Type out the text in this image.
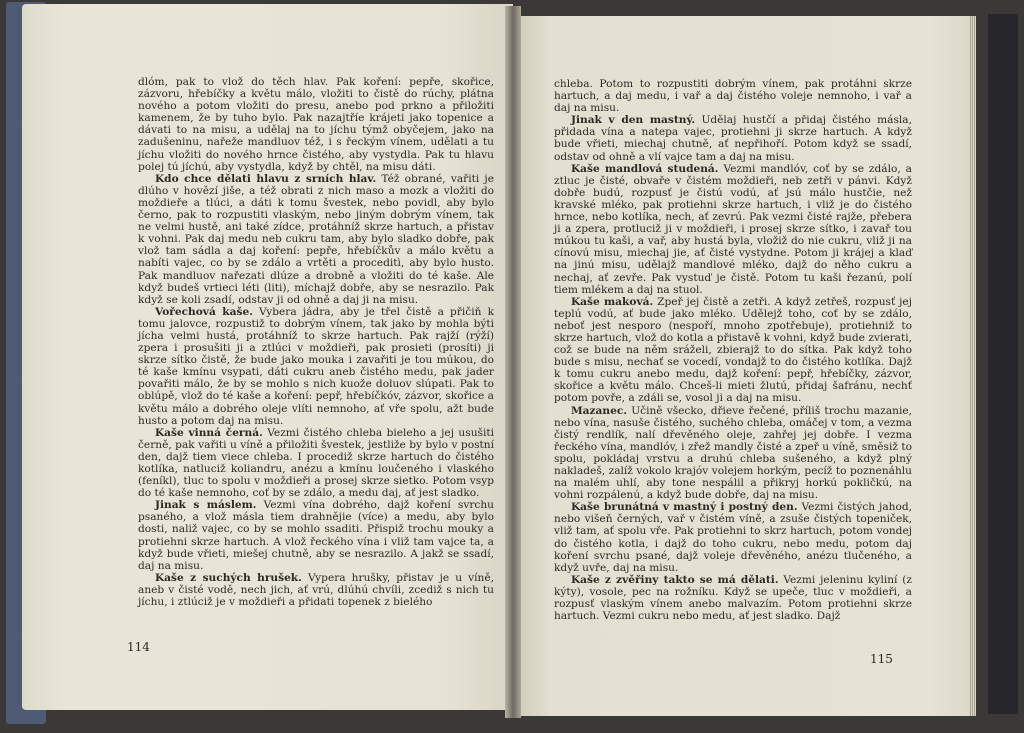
dlóm, pak to vlož do těch hlav. Pak koření: pepře, skořice, zázvoru, hřebíčky a květu málo, vložiti to čistě do rúchy, plátna nového a potom vložiti do presu, anebo pod prkno a přiložiti kamenem, že by tuho bylo. Pak nazajtříe krájeti jako topenice a dávati to na misu, a udělaj na to jíchu týmž obyčejem, jako na zadušeninu, nařeže mandluov též, i s řeckým vínem, udělati a tu jíchu vložiti do nového hrnce čistého, aby vystydla. Pak tu hlavu polej tú jíchú, aby vystydla, když by chtěl, na misu dáti.

Kdo chce dělati hlavu z srních hlav. Též obrané, vařiti je dlúho v hovězí jiše, a též obrati z nich maso a mozk a vložiti do moždieře a tlúci, a dáti k tomu švestek, nebo povidl, aby bylo černo, pak to rozpustiti vlaským, nebo jiným dobrým vínem, tak ne velmi hustě, ani také zídce, protáhníž skrze hartuch, a přistav k vohni. Pak daj medu neb cukru tam, aby bylo sladko dobře, pak vlož tam sádla a daj koření: pepře, hřebíčkův a málo květu a nabíti vajec, co by se zdálo a vrtěti a proceditì, aby bylo husto. Pak mandluov nařezati dlúze a drobně a vložiti do té kaše. Ale když budeš vrtieci léti (liti), míchajž dobře, aby se nesrazilo. Pak když se koli zsadí, odstav ji od ohně a daj ji na misu.

Vořechová kaše. Vybera jádra, aby je třel čistě a přičiň k tomu jalovce, rozpustiž to dobrým vínem, tak jako by mohla býti jícha velmi hustá, protáhníž to skrze hartuch. Pak rajží (rýží) zpera i prosušiti ji a ztlúci v moždieři, pak prosieti (prosíti) ji skrze sítko čistě, že bude jako mouka i zavařiti je tou múkou, do té kaše kmínu vsypati, dáti cukru aneb čistého medu, pak jader povařiti málo, že by se mohlo s nich kuože doluov slúpati. Pak to oblúpě, vlož do té kaše a koření: pepř, hřebíčkóv, zázvor, skořice a květu málo a dobrého oleje vlíti nemnoho, ať vře spolu, ažt bude husto a potom daj na misu.

Kaše vinná černá. Vezmi čistého chleba bieleho a jej usušiti černě, pak vařiti u víně a přiložiti švestek, jestliže by bylo v postní den, dajž tiem viece chleba. I procediž skrze hartuch do čistého kotlíka, natluciž koliandru, anézu a kmínu loučeného i vlaského (feníkl), tluc to spolu v moždieři a prosej skrze sietko. Potom vsyp do té kaše nemnoho, coť by se zdálo, a medu daj, ať jest sladko.

Jinak s máslem. Vezmi vína dobrého, dajž koření svrchu psaného, a vlož másla tiem drahnějie (více) a medu, aby bylo dosti, naliž vajec, co by se mohlo ssaditi. Přispiž trochu mouky a protiehni skrze hartuch. A vlož řeckého vína i vliž tam vajce ta, a když bude vřieti, miešej chutně, aby se nesrazilo. A jakž se ssadí, daj na misu.

Kaše z suchých hrušek. Vypera hrušky, přistav je u víně, aneb v čisté vodě, nech jich, ať vrú, dlúhú chvíli, zcediž s nich tu jíchu, i ztlúciž je v moždieři a přidati topenek z bielého

114

chleba. Potom to rozpustiti dobrým vínem, pak protáhni skrze hartuch, a daj medu, i vař a daj čistého voleje nemnoho, i vař a daj na misu.

Jinak v den mastný. Udělaj hustčí a přidaj čistého másla, přidada vína a natepa vajec, protiehni ji skrze hartuch. A když bude vřieti, miechaj chutně, ať nepřihoří. Potom když se ssadí, odstav od ohně a vlí vajce tam a daj na misu.

Kaše mandlová studená. Vezmi mandlóv, coť by se zdálo, a ztluc je čisté, obvaře v čistém moždieři, neb zetři v pánvi. Když dobře budú, rozpusť je čistú vodú, ať jsú málo hustčie, než kravské mléko, pak protiehni skrze hartuch, i vliž je do čistého hrnce, nebo kotlíka, nech, ať zevrú. Pak vezmi čisté rajže, přebera ji a zpera, protluciž ji v moždieři, i prosej skrze sítko, i zavař tou múkou tu kaši, a vař, aby hustá byla, vložiž do nie cukru, vliž ji na cínovú misu, miechaj jie, ať čisté vystydne. Potom ji krájej a klaď na jinú misu, udělajž mandlové mléko, dajž do něho cukru a nechaj, ať zevře. Pak vystuď je čistě. Potom tu kaši řezanú, polí tiem mlékem a daj na stuol.

Kaše maková. Zpeř jej čistě a zetři. A když zetřeš, rozpusť jej teplú vodú, ať bude jako mléko. Udělejž toho, coť by se zdálo, neboť jest nesporo (nespoří, mnoho zpotřebuje), protiehniž to skrze hartuch, vlož do kotla a přistavě k vohni, když bude zvierati, což se bude na něm sráželi, zbierajž to do sítka. Pak když toho bude s misu, nechať se vocedí, vondajž to do čistého kotlíka. Dajž k tomu cukru anebo medu, dajž koření: pepř, hřebíčky, zázvor, skořice a květu málo. Chceš-li mieti žlutú, přidaj šafránu, nechť potom povře, a zdáli se, vosol ji a daj na misu.

Mazanec. Učině všecko, dřieve řečené, příliš trochu mazanie, nebo vína, nasuše čistého, suchého chleba, omáčej v tom, a vezma čistý rendlík, nalí dřevěného oleje, zahřej jej dobře. I vezma řeckého vína, mandlóv, i zřež mandly čisté a zpeř u víně, směsiž to spolu, pokládaj vrstvu a druhú chleba sušeného, a když plný nakladeš, zalíž vokolo krajóv volejem horkým, pecíž to poznenáhlu na malém uhlí, aby tone nespálil a přikryj horkú pokličkú, na vohni rozpálenú, a když bude dobře, daj na misu.

Kaše brunátná v mastný i postný den. Vezmi čistých jahod, nebo višeň černých, vař v čistém víně, a zsuše čistých topeniček, vliž tam, ať spolu vře. Pak protiehni to skrz hartuch, potom vondej do čistého kotla, i dajž do toho cukru, nebo medu, potom daj koření svrchu psané, dajž voleje dřevěného, anézu tlučeného, a když uvře, daj na misu.

Kaše z zvěřiny takto se má dělati. Vezmi jeleninu kyliní (z kýty), vosole, pec na rožníku. Když se upeče, tluc v moždieři, a rozpusť vlaským vínem anebo malvazím. Potom protiehni skrze hartuch. Vezmi cukru nebo medu, ať jest sladko. Dajž

115
